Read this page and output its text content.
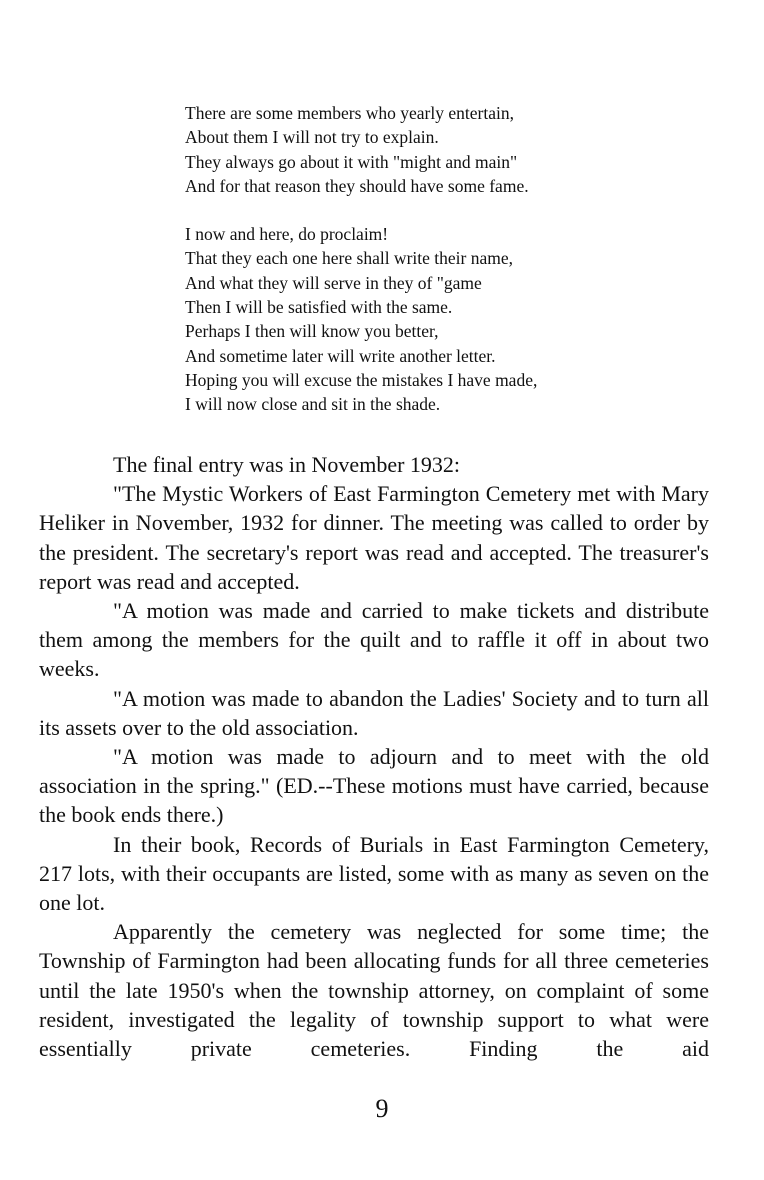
There are some members who yearly entertain,
About them I will not try to explain.
They always go about it with "might and main"
And for that reason they should have some fame.
I now and here, do proclaim!
That they each one here shall write their name,
And what they will serve in they of "game
Then I will be satisfied with the same.
Perhaps I then will know you better,
And sometime later will write another letter.
Hoping you will excuse the mistakes I have made,
I will now close and sit in the shade.

The final entry was in November 1932:

"The Mystic Workers of East Farmington Cemetery met with Mary Heliker in November, 1932 for dinner. The meeting was called to order by the president. The secretary's report was read and accepted. The treasurer's report was read and accepted.

"A motion was made and carried to make tickets and distribute them among the members for the quilt and to raffle it off in about two weeks.

"A motion was made to abandon the Ladies' Society and to turn all its assets over to the old association.

"A motion was made to adjourn and to meet with the old association in the spring." (ED.--These motions must have carried, because the book ends there.)

In their book, Records of Burials in East Farmington Cemetery, 217 lots, with their occupants are listed, some with as many as seven on the one lot.

Apparently the cemetery was neglected for some time; the Township of Farmington had been allocating funds for all three cemeteries until the late 1950's when the township attorney, on complaint of some resident, investigated the legality of township support to what were essentially private cemeteries. Finding the aid

9
